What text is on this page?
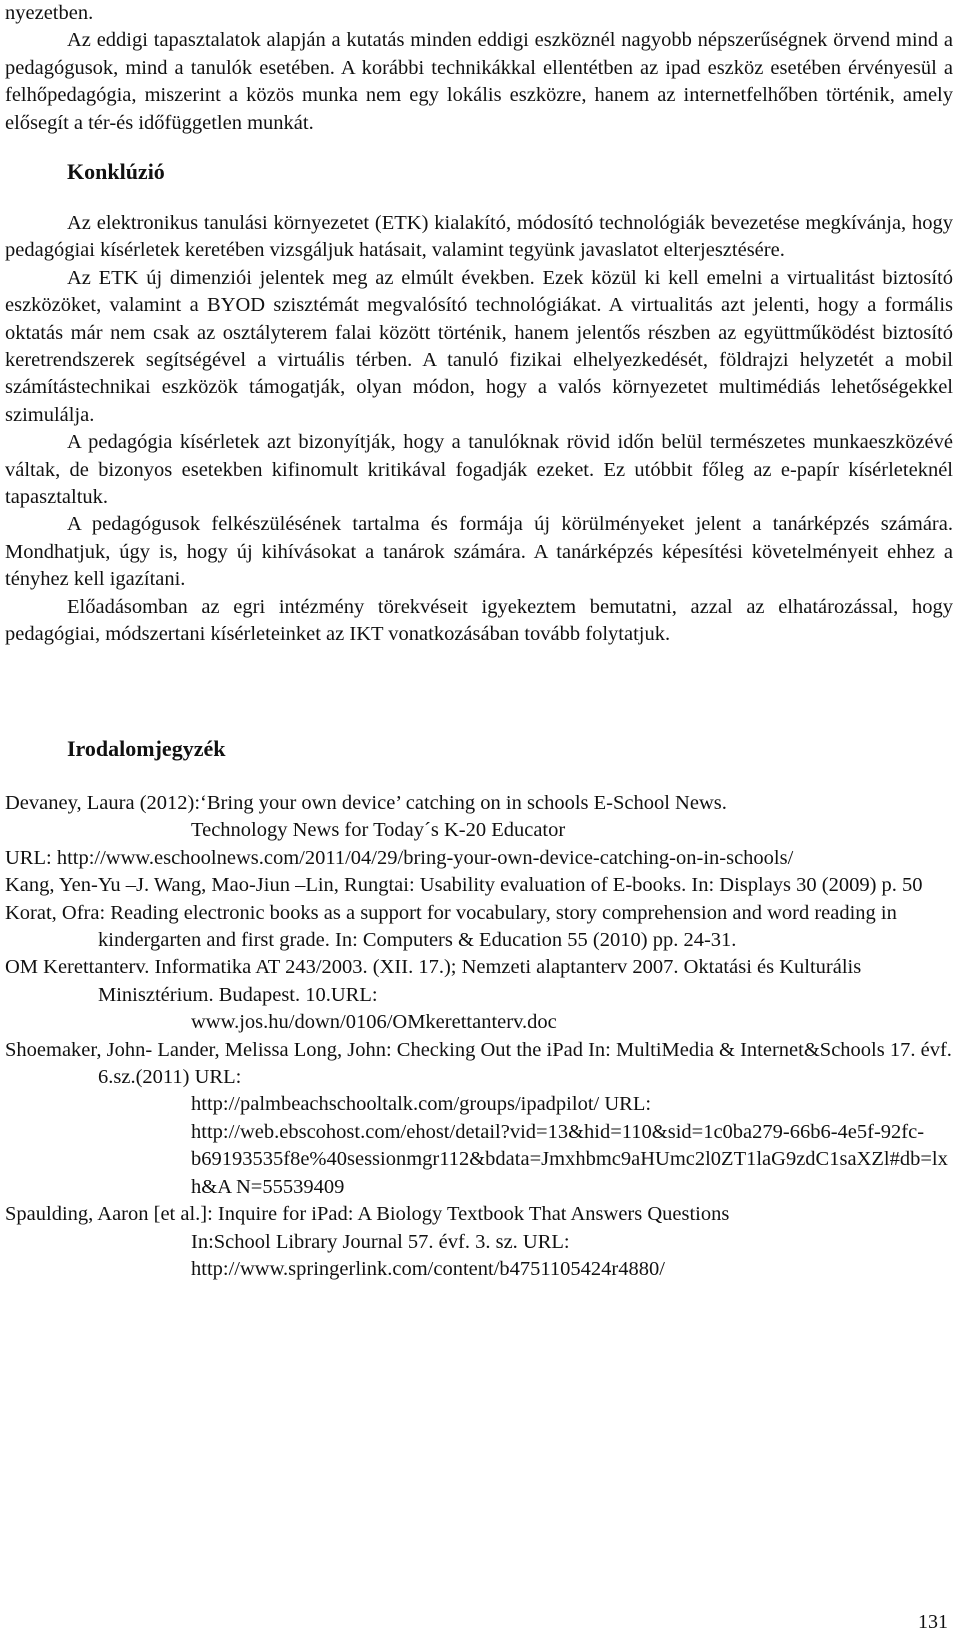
nyezetben.

Az eddigi tapasztalatok alapján a kutatás minden eddigi eszköznél nagyobb népszerűségnek örvend mind a pedagógusok, mind a tanulók esetében. A korábbi technikákkal ellentétben az ipad eszköz esetében érvényesül a felhőpedagógia, miszerint a közös munka nem egy lokális eszközre, hanem az internetfelhőben történik, amely elősegít a tér-és időfüggetlen munkát.

Konklúzió

Az elektronikus tanulási környezetet (ETK) kialakító, módosító technológiák bevezetése megkívánja, hogy pedagógiai kísérletek keretében vizsgáljuk hatásait, valamint tegyünk javaslatot elterjesztésére.

Az ETK új dimenziói jelentek meg az elmúlt években. Ezek közül ki kell emelni a virtualitást biztosító eszközöket, valamint a BYOD szisztémát megvalósító technológiákat. A virtualitás azt jelenti, hogy a formális oktatás már nem csak az osztályterem falai között történik, hanem jelentős részben az együttműködést biztosító keretrendszerek segítségével a virtuális térben. A tanuló fizikai elhelyezkedését, földrajzi helyzetét a mobil számítástechnikai eszközök támogatják, olyan módon, hogy a valós környezetet multimédiás lehetőségekkel szimulálja.

A pedagógia kísérletek azt bizonyítják, hogy a tanulóknak rövid időn belül természetes munkaeszközévé váltak, de bizonyos esetekben kifinomult kritikával fogadják ezeket. Ez utóbbit főleg az e-papír kísérleteknél tapasztaltuk.

A pedagógusok felkészülésének tartalma és formája új körülményeket jelent a tanárképzés számára. Mondhatjuk, úgy is, hogy új kihívásokat a tanárok számára. A tanárképzés képesítési követelményeit ehhez a tényhez kell igazítani.

Előadásomban az egri intézmény törekvéseit igyekeztem bemutatni, azzal az elhatározással, hogy pedagógiai, módszertani kísérleteinket az IKT vonatkozásában tovább folytatjuk.

Irodalomjegyzék
Devaney, Laura (2012):‘Bring your own device’ catching on in schools E-School News.
Technology News for Today´s K-20 Educator
URL: http://www.eschoolnews.com/2011/04/29/bring-your-own-device-catching-on-in-schools/
Kang, Yen-Yu –J. Wang, Mao-Jiun –Lin, Rungtai: Usability evaluation of E-books. In: Displays 30 (2009) p. 50
Korat, Ofra: Reading electronic books as a support for vocabulary, story comprehension and word reading in kindergarten and first grade. In: Computers & Education 55 (2010) pp. 24-31.
OM Kerettanterv. Informatika AT 243/2003. (XII. 17.); Nemzeti alaptanterv 2007. Oktatási és Kulturális Minisztérium. Budapest. 10.URL:
www.jos.hu/down/0106/OMkerettanterv.doc
Shoemaker, John- Lander, Melissa Long, John: Checking Out the iPad In: MultiMedia & Internet&Schools 17. évf. 6.sz.(2011) URL:
http://palmbeachschooltalk.com/groups/ipadpilot/ URL:
http://web.ebscohost.com/ehost/detail?vid=13&hid=110&sid=1c0ba279-66b6-4e5f-92fc-
b69193535f8e%40sessionmgr112&bdata=Jmxhbmc9aHUmc2l0ZT1laG9zdC1saXZl#db=lxh&A N=55539409
Spaulding, Aaron [et al.]: Inquire for iPad: A Biology Textbook That Answers Questions
In:School Library Journal 57. évf. 3. sz. URL:
http://www.springerlink.com/content/b4751105424r4880/
131
